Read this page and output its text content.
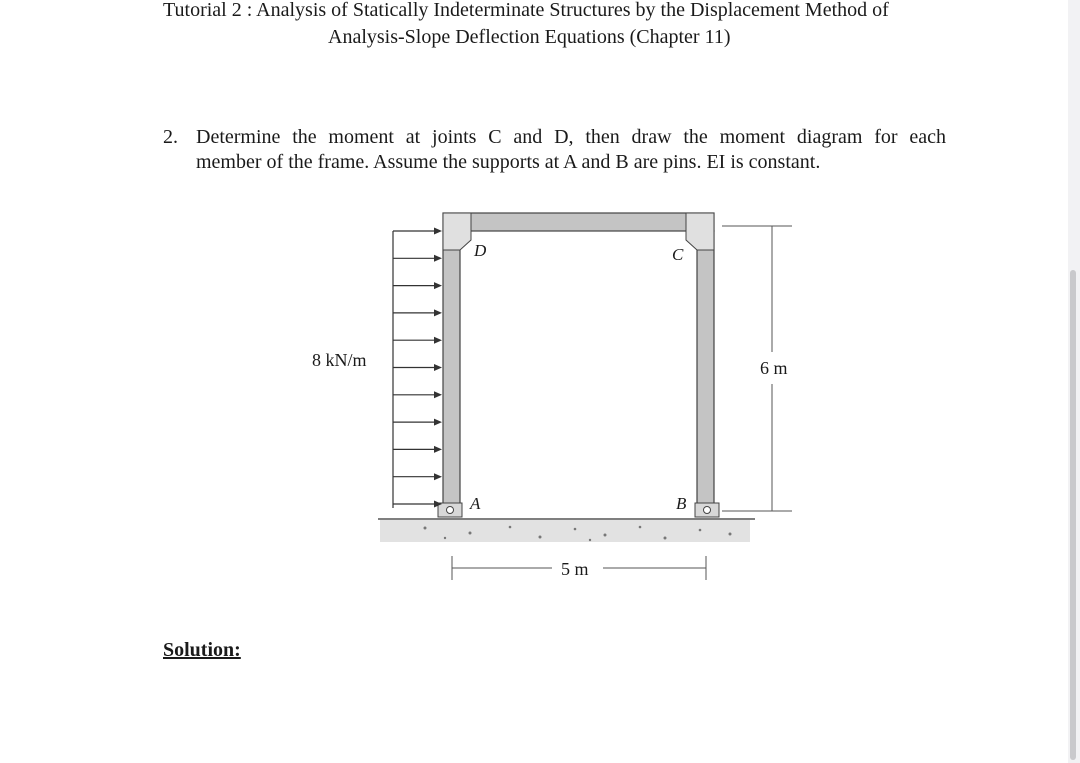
Tutorial 2 : Analysis of Statically Indeterminate Structures by the Displacement Method of
Analysis-Slope Deflection Equations (Chapter 11)
2. Determine the moment at joints C and D, then draw the moment diagram for each
member of the frame. Assume the supports at A and B are pins. EI is constant.
D	C
A	B
8 kN/m	6 m
5 m
Solution:
